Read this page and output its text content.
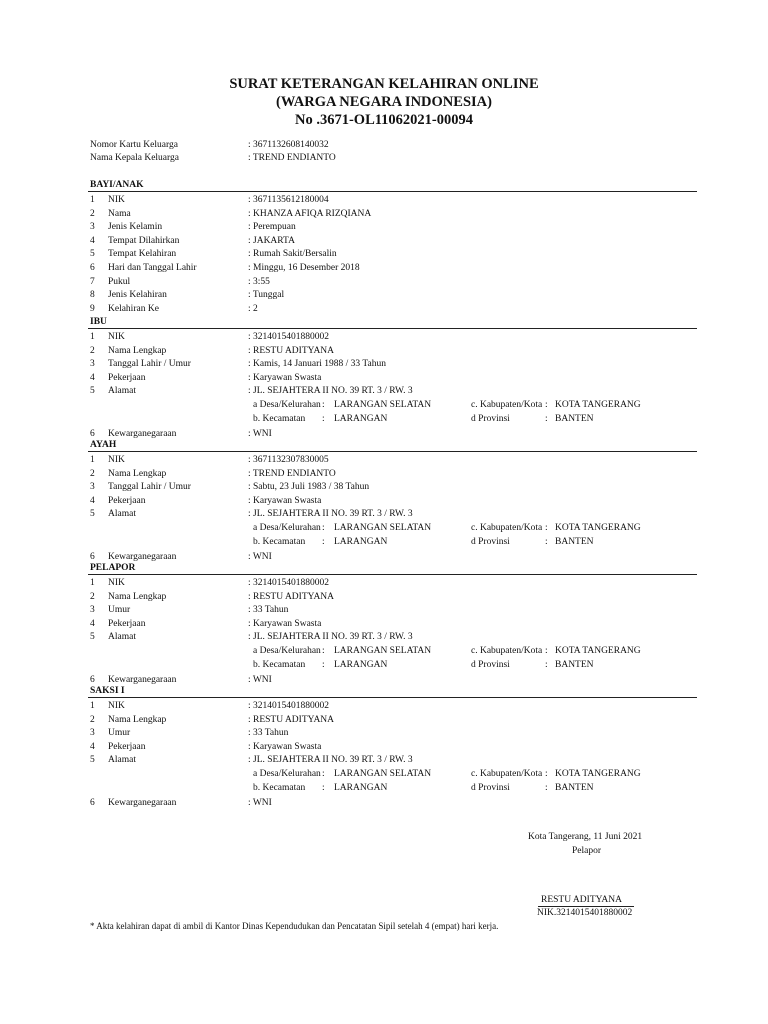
SURAT KETERANGAN KELAHIRAN ONLINE
(WARGA NEGARA INDONESIA)
No .3671-OL11062021-00094
Nomor Kartu Keluarga	: 3671132608140032
Nama Kepala Keluarga	: TREND ENDIANTO
BAYI/ANAK
1 NIK	: 3671135612180004
2 Nama	: KHANZA AFIQA RIZQIANA
3 Jenis Kelamin	: Perempuan
4 Tempat Dilahirkan	: JAKARTA
5 Tempat Kelahiran	: Rumah Sakit/Bersalin
6 Hari dan Tanggal Lahir	: Minggu, 16 Desember 2018
7 Pukul	: 3:55
8 Jenis Kelahiran	: Tunggal
9 Kelahiran Ke	: 2
IBU
1 NIK	: 3214015401880002
2 Nama Lengkap	: RESTU ADITYANA
3 Tanggal Lahir / Umur	: Kamis, 14 Januari 1988 / 33 Tahun
4 Pekerjaan	: Karyawan Swasta
5 Alamat	: JL. SEJAHTERA II NO. 39 RT. 3 / RW. 3
a Desa/Kelurahan : LARANGAN SELATAN	c. Kabupaten/Kota : KOTA TANGERANG
b. Kecamatan : LARANGAN	d Provinsi	: BANTEN
6 Kewarganegaraan	: WNI
AYAH
1 NIK	: 3671132307830005
2 Nama Lengkap	: TREND ENDIANTO
3 Tanggal Lahir / Umur	: Sabtu, 23 Juli 1983 / 38 Tahun
4 Pekerjaan	: Karyawan Swasta
5 Alamat	: JL. SEJAHTERA II NO. 39 RT. 3 / RW. 3
a Desa/Kelurahan : LARANGAN SELATAN	c. Kabupaten/Kota : KOTA TANGERANG
b. Kecamatan : LARANGAN	d Provinsi	: BANTEN
6 Kewarganegaraan	: WNI
PELAPOR
1 NIK	: 3214015401880002
2 Nama Lengkap	: RESTU ADITYANA
3 Umur	: 33 Tahun
4 Pekerjaan	: Karyawan Swasta
5 Alamat	: JL. SEJAHTERA II NO. 39 RT. 3 / RW. 3
a Desa/Kelurahan : LARANGAN SELATAN	c. Kabupaten/Kota : KOTA TANGERANG
b. Kecamatan : LARANGAN	d Provinsi	: BANTEN
6 Kewarganegaraan	: WNI
SAKSI I
1 NIK	: 3214015401880002
2 Nama Lengkap	: RESTU ADITYANA
3 Umur	: 33 Tahun
4 Pekerjaan	: Karyawan Swasta
5 Alamat	: JL. SEJAHTERA II NO. 39 RT. 3 / RW. 3
a Desa/Kelurahan : LARANGAN SELATAN	c. Kabupaten/Kota : KOTA TANGERANG
b. Kecamatan : LARANGAN	d Provinsi	: BANTEN
6 Kewarganegaraan	: WNI
Kota Tangerang, 11 Juni 2021
Pelapor
RESTU ADITYANA
NIK.3214015401880002
* Akta kelahiran dapat di ambil di Kantor Dinas Kependudukan dan Pencatatan Sipil setelah 4 (empat) hari kerja.
